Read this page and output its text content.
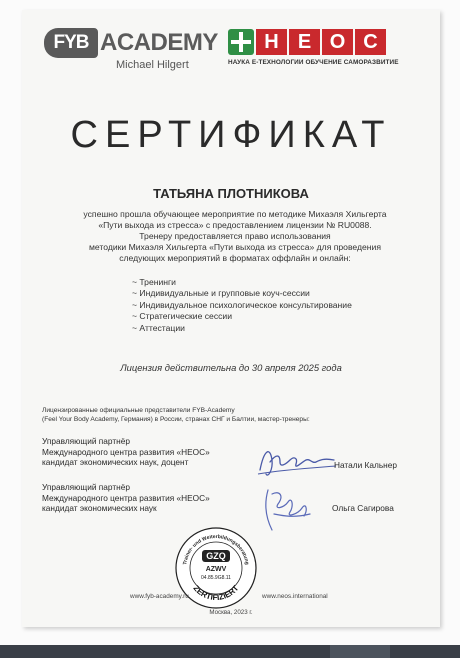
FYB ACADEMY
Michael Hilgert
Н Е О С
НАУКА Е-ТЕХНОЛОГИИ ОБУЧЕНИЕ САМОРАЗВИТИЕ
СЕРТИФИКАТ
ТАТЬЯНА ПЛОТНИКОВА
успешно прошла обучающее мероприятие по методике Михаэля Хильгерта
«Пути выхода из стресса» с предоставлением лицензии № RU0088.
Тренеру предоставляется право использования
методики Михаэля Хильгерта «Пути выхода из стресса» для проведения
следующих мероприятий в форматах оффлайн и онлайн:
~ Тренинги
~ Индивидуальные и групповые коуч-сессии
~ Индивидуальное психологическое консультирование
~ Стратегические сессии
~ Аттестации
Лицензия действительна до 30 апреля 2025 года
Лицензированные официальные представители FYB-Academy
(Feel Your Body Academy, Германия) в России, странах СНГ и Балтии, мастер-тренеры:
Управляющий партнёр
Международного центра развития «НЕОС»
кандидат экономических наук, доцент
Управляющий партнёр
Международного центра развития «НЕОС»
кандидат экономических наук
Натали Кальнер
Ольга Сагирова
Trainer- und Weiterbildungsberatung
GZQ
AZWV
04.85.9G8.11
ZERTIFIZIERT
www.fyb-academy.ru	www.neos.international
Москва, 2023 г.
